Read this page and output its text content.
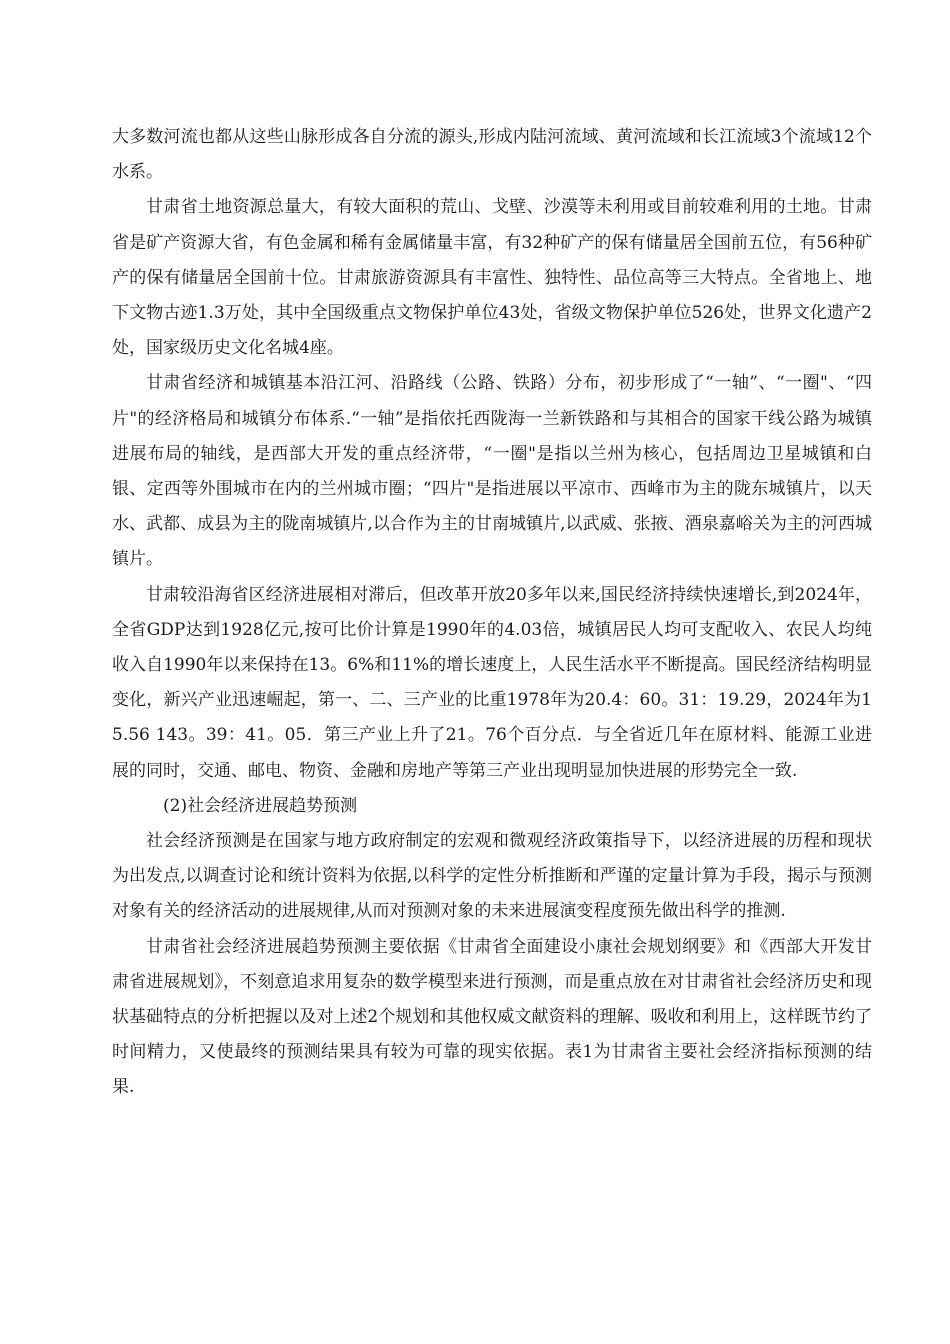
大多数河流也都从这些山脉形成各自分流的源头,形成内陆河流域、黄河流域和长江流域3个流域12个水系。

甘肃省土地资源总量大，有较大面积的荒山、戈壁、沙漠等未利用或目前较难利用的土地。甘肃省是矿产资源大省，有色金属和稀有金属储量丰富，有32种矿产的保有储量居全国前五位，有56种矿产的保有储量居全国前十位。甘肃旅游资源具有丰富性、独特性、品位高等三大特点。全省地上、地下文物古迹1.3万处，其中全国级重点文物保护单位43处，省级文物保护单位526处，世界文化遗产2处，国家级历史文化名城4座。

甘肃省经济和城镇基本沿江河、沿路线（公路、铁路）分布，初步形成了“一轴”、“一圈"、“四片"的经济格局和城镇分布体系.“一轴”是指依托西陇海一兰新铁路和与其相合的国家干线公路为城镇进展布局的轴线，是西部大开发的重点经济带，“一圈"是指以兰州为核心，包括周边卫星城镇和白银、定西等外围城市在内的兰州城市圈；“四片"是指进展以平凉市、西峰市为主的陇东城镇片，以天水、武都、成县为主的陇南城镇片,以合作为主的甘南城镇片,以武威、张掖、酒泉嘉峪关为主的河西城镇片。

甘肃较沿海省区经济进展相对滞后，但改革开放20多年以来,国民经济持续快速增长,到2024年，全省GDP达到1928亿元,按可比价计算是1990年的4.03倍，城镇居民人均可支配收入、农民人均纯收入自1990年以来保持在13。6%和11%的增长速度上，人民生活水平不断提高。国民经济结构明显变化，新兴产业迅速崛起，第一、二、三产业的比重1978年为20.4：60。31：19.29，2024年为15.56 143。39：41。05．第三产业上升了21。76个百分点．与全省近几年在原材料、能源工业进展的同时，交通、邮电、物资、金融和房地产等第三产业出现明显加快进展的形势完全一致.

(2)社会经济进展趋势预测

社会经济预测是在国家与地方政府制定的宏观和微观经济政策指导下，以经济进展的历程和现状为出发点,以调查讨论和统计资料为依据,以科学的定性分析推断和严谨的定量计算为手段，揭示与预测对象有关的经济活动的进展规律,从而对预测对象的未来进展演变程度预先做出科学的推测.

甘肃省社会经济进展趋势预测主要依据《甘肃省全面建设小康社会规划纲要》和《西部大开发甘肃省进展规划》，不刻意追求用复杂的数学模型来进行预测，而是重点放在对甘肃省社会经济历史和现状基础特点的分析把握以及对上述2个规划和其他权威文献资料的理解、吸收和利用上，这样既节约了时间精力，又使最终的预测结果具有较为可靠的现实依据。表1为甘肃省主要社会经济指标预测的结果.
